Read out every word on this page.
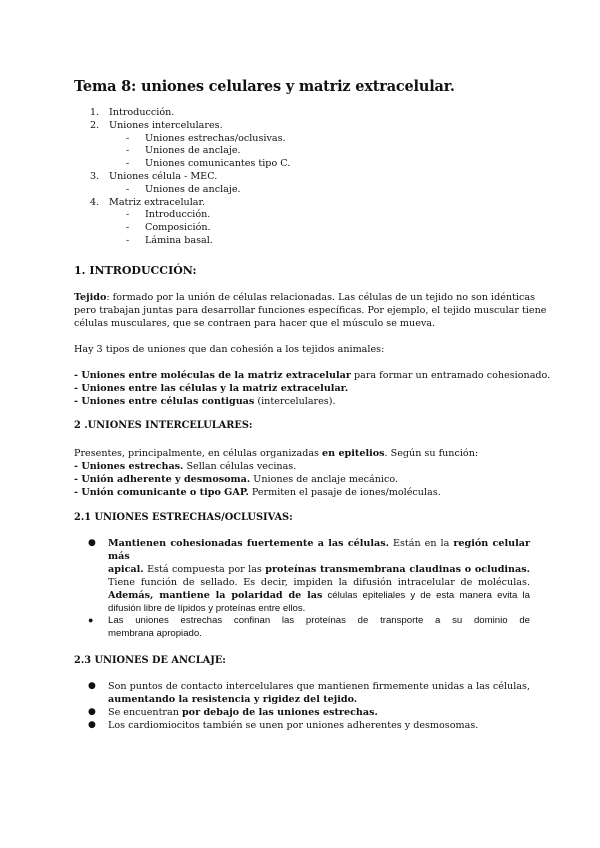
Tema 8: uniones celulares y matriz extracelular.
1. Introducción.
2. Uniones intercelulares.
- Uniones estrechas/oclusivas.
- Uniones de anclaje.
- Uniones comunicantes tipo C.
3. Uniones célula - MEC.
- Uniones de anclaje.
4. Matriz extracelular.
- Introducción.
- Composición.
- Lámina basal.
1. INTRODUCCIÓN:
Tejido: formado por la unión de células relacionadas. Las células de un tejido no son idénticas
pero trabajan juntas para desarrollar funciones específicas. Por ejemplo, el tejido muscular tiene
células musculares, que se contraen para hacer que el músculo se mueva.
Hay 3 tipos de uniones que dan cohesión a los tejidos animales:
- Uniones entre moléculas de la matriz extracelular para formar un entramado cohesionado.
- Uniones entre las células y la matriz extracelular.
- Uniones entre células contiguas (intercelulares).
2 .UNIONES INTERCELULARES:
Presentes, principalmente, en células organizadas en epitelios. Según su función:
- Uniones estrechas. Sellan células vecinas.
- Unión adherente y desmosoma. Uniones de anclaje mecánico.
- Unión comunicante o tipo GAP. Permiten el pasaje de iones/moléculas.
2.1 UNIONES ESTRECHAS/OCLUSIVAS:
● Mantienen cohesionadas fuertemente a las células. Están en la región celular más
apical. Está compuesta por las proteínas transmembrana claudinas o ocludinas.
Tiene función de sellado. Es decir, impiden la difusión intracelular de moléculas.
Además, mantiene la polaridad de las células epiteliales y de esta manera evita la
difusión libre de lípidos y proteínas entre ellos.
● Las uniones estrechas confinan las proteínas de transporte a su dominio de
membrana apropiado.
2.3 UNIONES DE ANCLAJE:
● Son puntos de contacto intercelulares que mantienen firmemente unidas a las células,
aumentando la resistencia y rigidez del tejido.
● Se encuentran por debajo de las uniones estrechas.
● Los cardiomiocitos también se unen por uniones adherentes y desmosomas.
